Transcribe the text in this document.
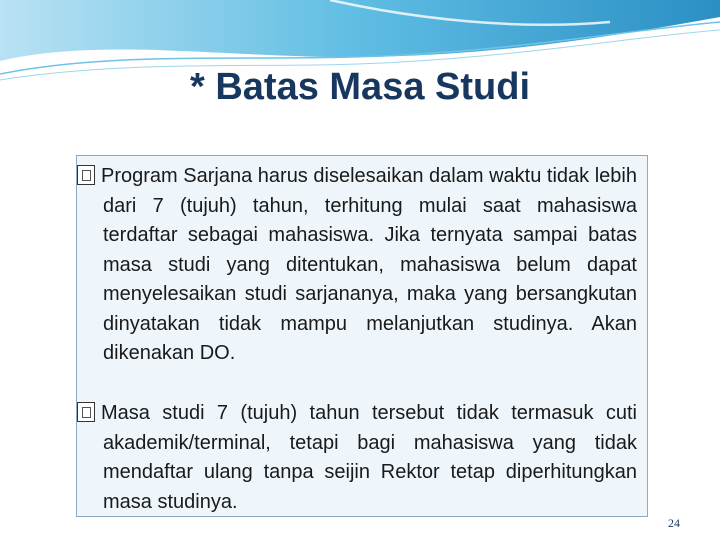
* Batas Masa Studi
Program Sarjana harus diselesaikan dalam waktu tidak lebih dari 7 (tujuh) tahun, terhitung mulai saat mahasiswa terdaftar sebagai mahasiswa. Jika ternyata sampai batas masa studi yang ditentukan, mahasiswa belum dapat menyelesaikan studi sarjananya, maka yang bersangkutan dinyatakan tidak mampu melanjutkan studinya. Akan dikenakan DO.
Masa studi 7 (tujuh) tahun tersebut tidak termasuk cuti akademik/terminal, tetapi bagi mahasiswa yang tidak mendaftar ulang tanpa seijin Rektor tetap diperhitungkan masa studinya.
24
